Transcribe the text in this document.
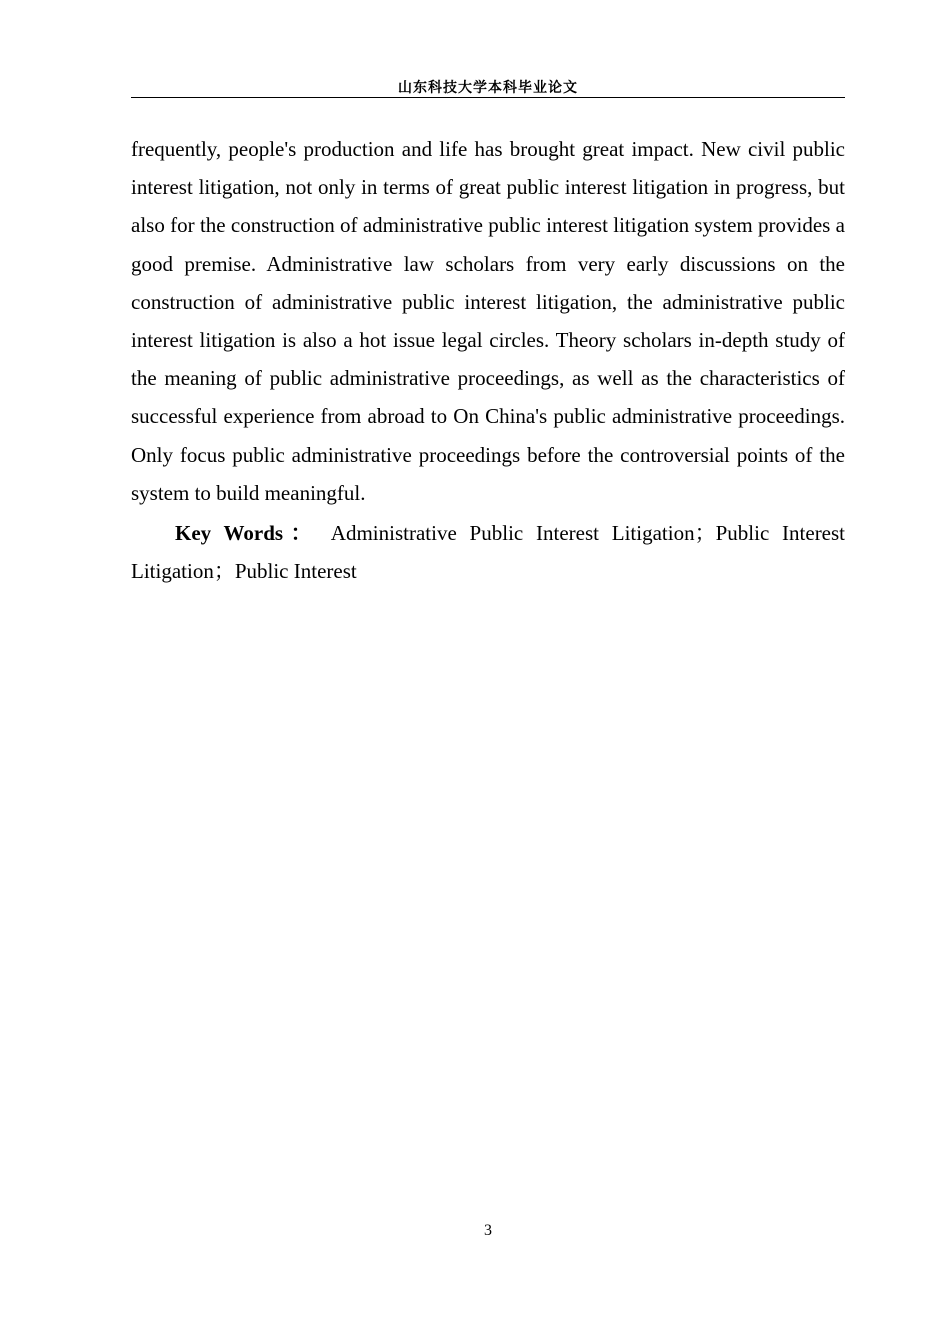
山东科技大学本科毕业论文

frequently, people's production and life has brought great impact. New civil public interest litigation, not only in terms of great public interest litigation in progress, but also for the construction of administrative public interest litigation system provides a good premise. Administrative law scholars from very early discussions on the construction of administrative public interest litigation, the administrative public interest litigation is also a hot issue legal circles. Theory scholars in-depth study of the meaning of public administrative proceedings, as well as the characteristics of successful experience from abroad to On China's public administrative proceedings. Only focus public administrative proceedings before the controversial points of the system to build meaningful.

Key Words： Administrative Public Interest Litigation；Public Interest Litigation；Public Interest

3
